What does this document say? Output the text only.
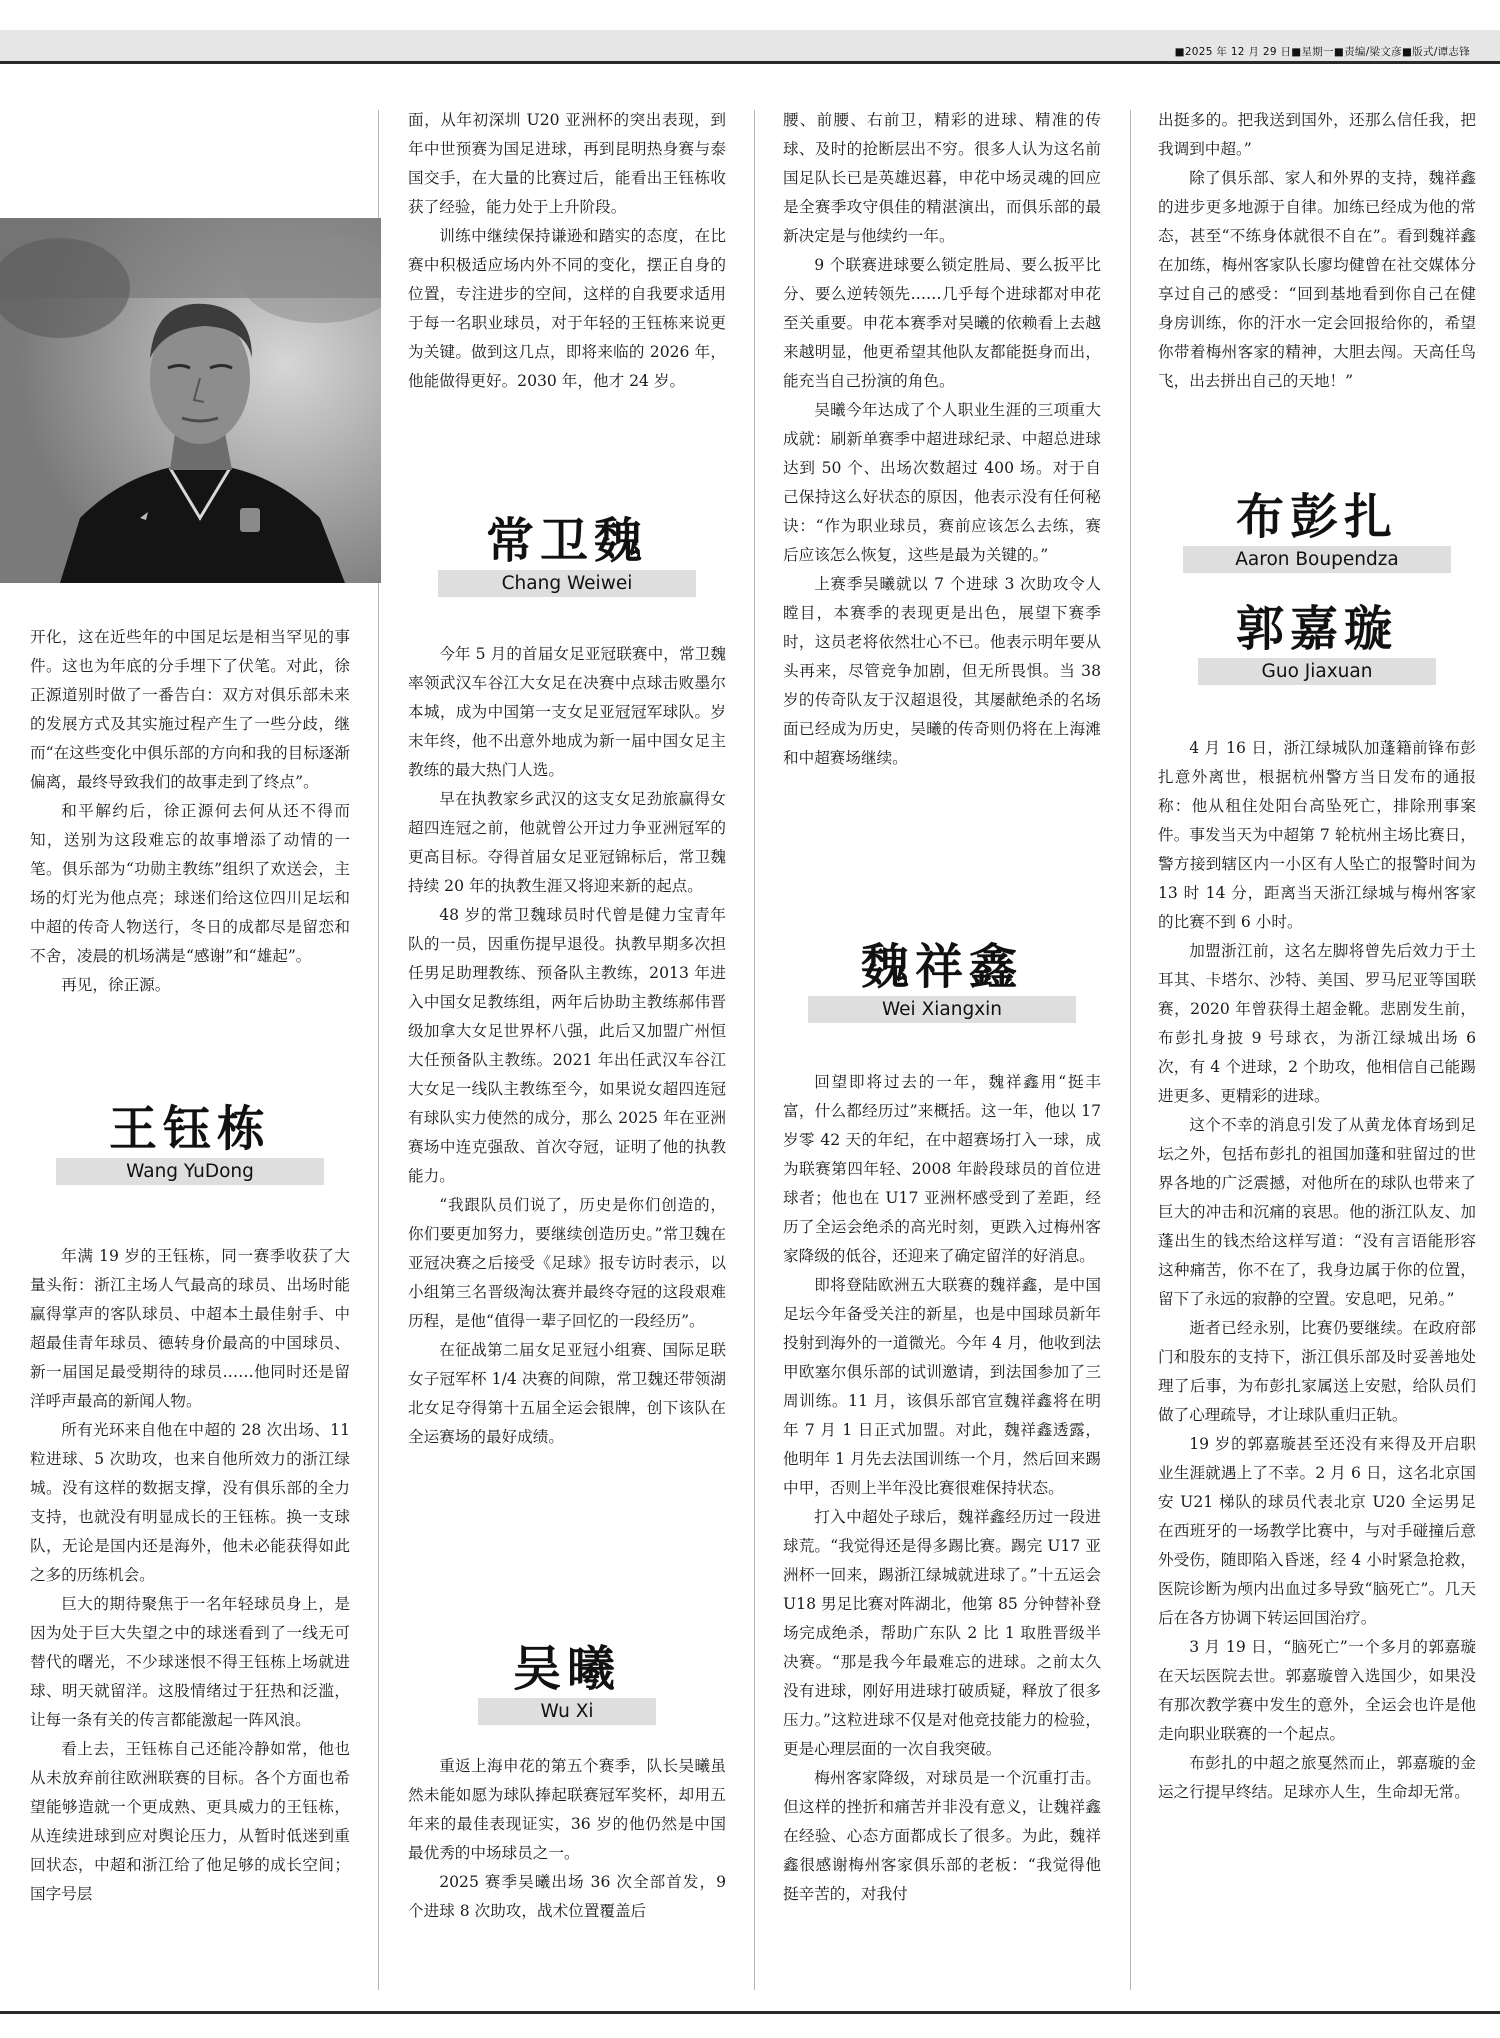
■2025 年 12 月 29 日■星期一■责编/梁文彦■版式/谭志锋

开化，这在近些年的中国足坛是相当罕见的事件。这也为年底的分手埋下了伏笔。对此，徐正源道别时做了一番告白：双方对俱乐部未来的发展方式及其实施过程产生了一些分歧，继而“在这些变化中俱乐部的方向和我的目标逐渐偏离，最终导致我们的故事走到了终点”。

和平解约后，徐正源何去何从还不得而知，送别为这段难忘的故事增添了动情的一笔。俱乐部为“功勋主教练”组织了欢送会，主场的灯光为他点亮；球迷们给这位四川足坛和中超的传奇人物送行，冬日的成都尽是留恋和不舍，凌晨的机场满是“感谢”和“雄起”。

再见，徐正源。

王钰栋
Wang YuDong

年满 19 岁的王钰栋，同一赛季收获了大量头衔：浙江主场人气最高的球员、出场时能赢得掌声的客队球员、中超本土最佳射手、中超最佳青年球员、德转身价最高的中国球员、新一届国足最受期待的球员……他同时还是留洋呼声最高的新闻人物。

所有光环来自他在中超的 28 次出场、11 粒进球、5 次助攻，也来自他所效力的浙江绿城。没有这样的数据支撑，没有俱乐部的全力支持，也就没有明显成长的王钰栋。换一支球队，无论是国内还是海外，他未必能获得如此之多的历练机会。

巨大的期待聚焦于一名年轻球员身上，是因为处于巨大失望之中的球迷看到了一线无可替代的曙光，不少球迷恨不得王钰栋上场就进球、明天就留洋。这股情绪过于狂热和泛滥，让每一条有关的传言都能激起一阵风浪。

看上去，王钰栋自己还能冷静如常，他也从未放弃前往欧洲联赛的目标。各个方面也希望能够造就一个更成熟、更具威力的王钰栋，从连续进球到应对舆论压力，从暂时低迷到重回状态，中超和浙江给了他足够的成长空间；国字号层

面，从年初深圳 U20 亚洲杯的突出表现，到年中世预赛为国足进球，再到昆明热身赛与泰国交手，在大量的比赛过后，能看出王钰栋收获了经验，能力处于上升阶段。

训练中继续保持谦逊和踏实的态度，在比赛中积极适应场内外不同的变化，摆正自身的位置，专注进步的空间，这样的自我要求适用于每一名职业球员，对于年轻的王钰栋来说更为关键。做到这几点，即将来临的 2026 年，他能做得更好。2030 年，他才 24 岁。

常卫魏
Chang Weiwei

今年 5 月的首届女足亚冠联赛中，常卫魏率领武汉车谷江大女足在决赛中点球击败墨尔本城，成为中国第一支女足亚冠冠军球队。岁末年终，他不出意外地成为新一届中国女足主教练的最大热门人选。

早在执教家乡武汉的这支女足劲旅赢得女超四连冠之前，他就曾公开过力争亚洲冠军的更高目标。夺得首届女足亚冠锦标后，常卫魏持续 20 年的执教生涯又将迎来新的起点。

48 岁的常卫魏球员时代曾是健力宝青年队的一员，因重伤提早退役。执教早期多次担任男足助理教练、预备队主教练，2013 年进入中国女足教练组，两年后协助主教练郝伟晋级加拿大女足世界杯八强，此后又加盟广州恒大任预备队主教练。2021 年出任武汉车谷江大女足一线队主教练至今，如果说女超四连冠有球队实力使然的成分，那么 2025 年在亚洲赛场中连克强敌、首次夺冠，证明了他的执教能力。

“我跟队员们说了，历史是你们创造的，你们要更加努力，要继续创造历史。”常卫魏在亚冠决赛之后接受《足球》报专访时表示，以小组第三名晋级淘汰赛并最终夺冠的这段艰难历程，是他“值得一辈子回忆的一段经历”。

在征战第二届女足亚冠小组赛、国际足联女子冠军杯 1/4 决赛的间隙，常卫魏还带领湖北女足夺得第十五届全运会银牌，创下该队在全运赛场的最好成绩。

吴曦
Wu Xi

重返上海申花的第五个赛季，队长吴曦虽然未能如愿为球队捧起联赛冠军奖杯，却用五年来的最佳表现证实，36 岁的他仍然是中国最优秀的中场球员之一。

2025 赛季吴曦出场 36 次全部首发，9 个进球 8 次助攻，战术位置覆盖后

腰、前腰、右前卫，精彩的进球、精准的传球、及时的抢断层出不穷。很多人认为这名前国足队长已是英雄迟暮，申花中场灵魂的回应是全赛季攻守俱佳的精湛演出，而俱乐部的最新决定是与他续约一年。

9 个联赛进球要么锁定胜局、要么扳平比分、要么逆转领先……几乎每个进球都对申花至关重要。申花本赛季对吴曦的依赖看上去越来越明显，他更希望其他队友都能挺身而出，能充当自己扮演的角色。

吴曦今年达成了个人职业生涯的三项重大成就：刷新单赛季中超进球纪录、中超总进球达到 50 个、出场次数超过 400 场。对于自己保持这么好状态的原因，他表示没有任何秘诀：“作为职业球员，赛前应该怎么去练，赛后应该怎么恢复，这些是最为关键的。”

上赛季吴曦就以 7 个进球 3 次助攻令人瞠目，本赛季的表现更是出色，展望下赛季时，这员老将依然壮心不已。他表示明年要从头再来，尽管竞争加剧，但无所畏惧。当 38 岁的传奇队友于汉超退役，其屡献绝杀的名场面已经成为历史，吴曦的传奇则仍将在上海滩和中超赛场继续。

魏祥鑫
Wei Xiangxin

回望即将过去的一年，魏祥鑫用“挺丰富，什么都经历过”来概括。这一年，他以 17 岁零 42 天的年纪，在中超赛场打入一球，成为联赛第四年轻、2008 年龄段球员的首位进球者；他也在 U17 亚洲杯感受到了差距，经历了全运会绝杀的高光时刻，更跌入过梅州客家降级的低谷，还迎来了确定留洋的好消息。

即将登陆欧洲五大联赛的魏祥鑫，是中国足坛今年备受关注的新星，也是中国球员新年投射到海外的一道微光。今年 4 月，他收到法甲欧塞尔俱乐部的试训邀请，到法国参加了三周训练。11 月，该俱乐部官宣魏祥鑫将在明年 7 月 1 日正式加盟。对此，魏祥鑫透露，他明年 1 月先去法国训练一个月，然后回来踢中甲，否则上半年没比赛很难保持状态。

打入中超处子球后，魏祥鑫经历过一段进球荒。“我觉得还是得多踢比赛。踢完 U17 亚洲杯一回来，踢浙江绿城就进球了。”十五运会 U18 男足比赛对阵湖北，他第 85 分钟替补登场完成绝杀，帮助广东队 2 比 1 取胜晋级半决赛。“那是我今年最难忘的进球。之前太久没有进球，刚好用进球打破质疑，释放了很多压力。”这粒进球不仅是对他竞技能力的检验，更是心理层面的一次自我突破。

梅州客家降级，对球员是一个沉重打击。但这样的挫折和痛苦并非没有意义，让魏祥鑫在经验、心态方面都成长了很多。为此，魏祥鑫很感谢梅州客家俱乐部的老板：“我觉得他挺辛苦的，对我付

出挺多的。把我送到国外，还那么信任我，把我调到中超。”

除了俱乐部、家人和外界的支持，魏祥鑫的进步更多地源于自律。加练已经成为他的常态，甚至“不练身体就很不自在”。看到魏祥鑫在加练，梅州客家队长廖均健曾在社交媒体分享过自己的感受：“回到基地看到你自己在健身房训练，你的汗水一定会回报给你的，希望你带着梅州客家的精神，大胆去闯。天高任鸟飞，出去拼出自己的天地！”

布彭扎
Aaron Boupendza
郭嘉璇
Guo Jiaxuan

4 月 16 日，浙江绿城队加蓬籍前锋布彭扎意外离世，根据杭州警方当日发布的通报称：他从租住处阳台高坠死亡，排除刑事案件。事发当天为中超第 7 轮杭州主场比赛日，警方接到辖区内一小区有人坠亡的报警时间为 13 时 14 分，距离当天浙江绿城与梅州客家的比赛不到 6 小时。

加盟浙江前，这名左脚将曾先后效力于土耳其、卡塔尔、沙特、美国、罗马尼亚等国联赛，2020 年曾获得土超金靴。悲剧发生前，布彭扎身披 9 号球衣，为浙江绿城出场 6 次，有 4 个进球，2 个助攻，他相信自己能踢进更多、更精彩的进球。

这个不幸的消息引发了从黄龙体育场到足坛之外，包括布彭扎的祖国加蓬和驻留过的世界各地的广泛震撼，对他所在的球队也带来了巨大的冲击和沉痛的哀思。他的浙江队友、加蓬出生的钱杰给这样写道：“没有言语能形容这种痛苦，你不在了，我身边属于你的位置，留下了永远的寂静的空置。安息吧，兄弟。”

逝者已经永别，比赛仍要继续。在政府部门和股东的支持下，浙江俱乐部及时妥善地处理了后事，为布彭扎家属送上安慰，给队员们做了心理疏导，才让球队重归正轨。

19 岁的郭嘉璇甚至还没有来得及开启职业生涯就遇上了不幸。2 月 6 日，这名北京国安 U21 梯队的球员代表北京 U20 全运男足在西班牙的一场教学比赛中，与对手碰撞后意外受伤，随即陷入昏迷，经 4 小时紧急抢救，医院诊断为颅内出血过多导致“脑死亡”。几天后在各方协调下转运回国治疗。

3 月 19 日，“脑死亡”一个多月的郭嘉璇在天坛医院去世。郭嘉璇曾入选国少，如果没有那次教学赛中发生的意外，全运会也许是他走向职业联赛的一个起点。

布彭扎的中超之旅戛然而止，郭嘉璇的金运之行提早终结。足球亦人生，生命却无常。
